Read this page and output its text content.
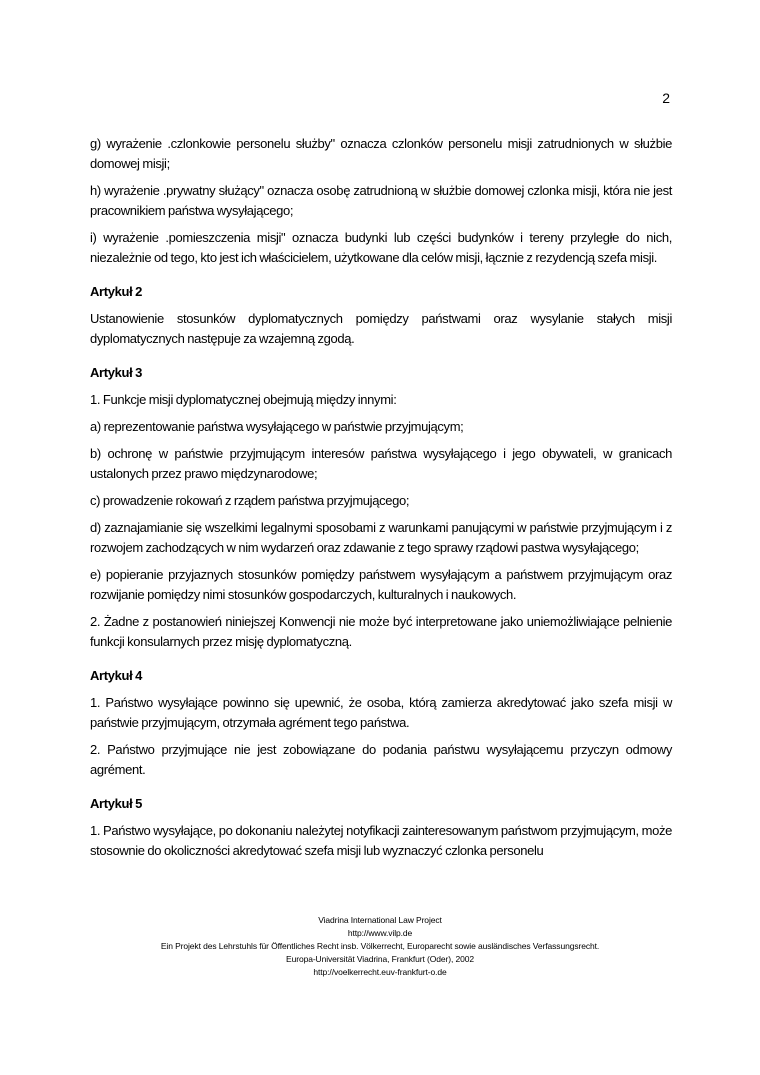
2

g) wyrażenie .czlonkowie personelu służby" oznacza czlonków personelu misji zatrudnionych w służbie domowej misji;

h) wyrażenie .prywatny służący" oznacza osobę zatrudnioną w służbie domowej czlonka misji, która nie jest pracownikiem państwa wysyłającego;

i) wyrażenie .pomieszczenia misji" oznacza budynki lub części budynków i tereny przyległe do nich, niezależnie od tego, kto jest ich właścicielem, użytkowane dla celów misji, łącznie z rezydencją szefa misji.

Artykuł 2

Ustanowienie stosunków dyplomatycznych pomiędzy państwami oraz wysylanie stałych misji dyplomatycznych następuje za wzajemną zgodą.

Artykuł 3

1. Funkcje misji dyplomatycznej obejmują między innymi:

a) reprezentowanie państwa wysyłającego w państwie przyjmującym;

b) ochronę w państwie przyjmującym interesów państwa wysyłającego i jego obywateli, w granicach ustalonych przez prawo międzynarodowe;

c) prowadzenie rokowań z rządem państwa przyjmującego;

d) zaznajamianie się wszelkimi legalnymi sposobami z warunkami panującymi w państwie przyjmującym i z rozwojem zachodzących w nim wydarzeń oraz zdawanie z tego sprawy rządowi pastwa wysyłającego;

e) popieranie przyjaznych stosunków pomiędzy państwem wysyłającym a państwem przyjmującym oraz rozwijanie pomiędzy nimi stosunków gospodarczych, kulturalnych i naukowych.

2. Żadne z postanowień niniejszej Konwencji nie może być interpretowane jako uniemożliwiające pelnienie funkcji konsularnych przez misję dyplomatyczną.

Artykuł 4

1. Państwo wysyłające powinno się upewnić, że osoba, którą zamierza akredytować jako szefa misji w państwie przyjmującym, otrzymała agrément tego państwa.

2. Państwo przyjmujące nie jest zobowiązane do podania państwu wysyłającemu przyczyn odmowy agrément.

Artykuł 5

1. Państwo wysyłające, po dokonaniu należytej notyfikacji zainteresowanym państwom przyjmującym, może stosownie do okoliczności akredytować szefa misji lub wyznaczyć czlonka personelu

Viadrina International Law Project
http://www.vilp.de
Ein Projekt des Lehrstuhls für Öffentliches Recht insb. Völkerrecht, Europarecht sowie ausländisches Verfassungsrecht.
Europa-Universität Viadrina, Frankfurt (Oder), 2002
http://voelkerrecht.euv-frankfurt-o.de
